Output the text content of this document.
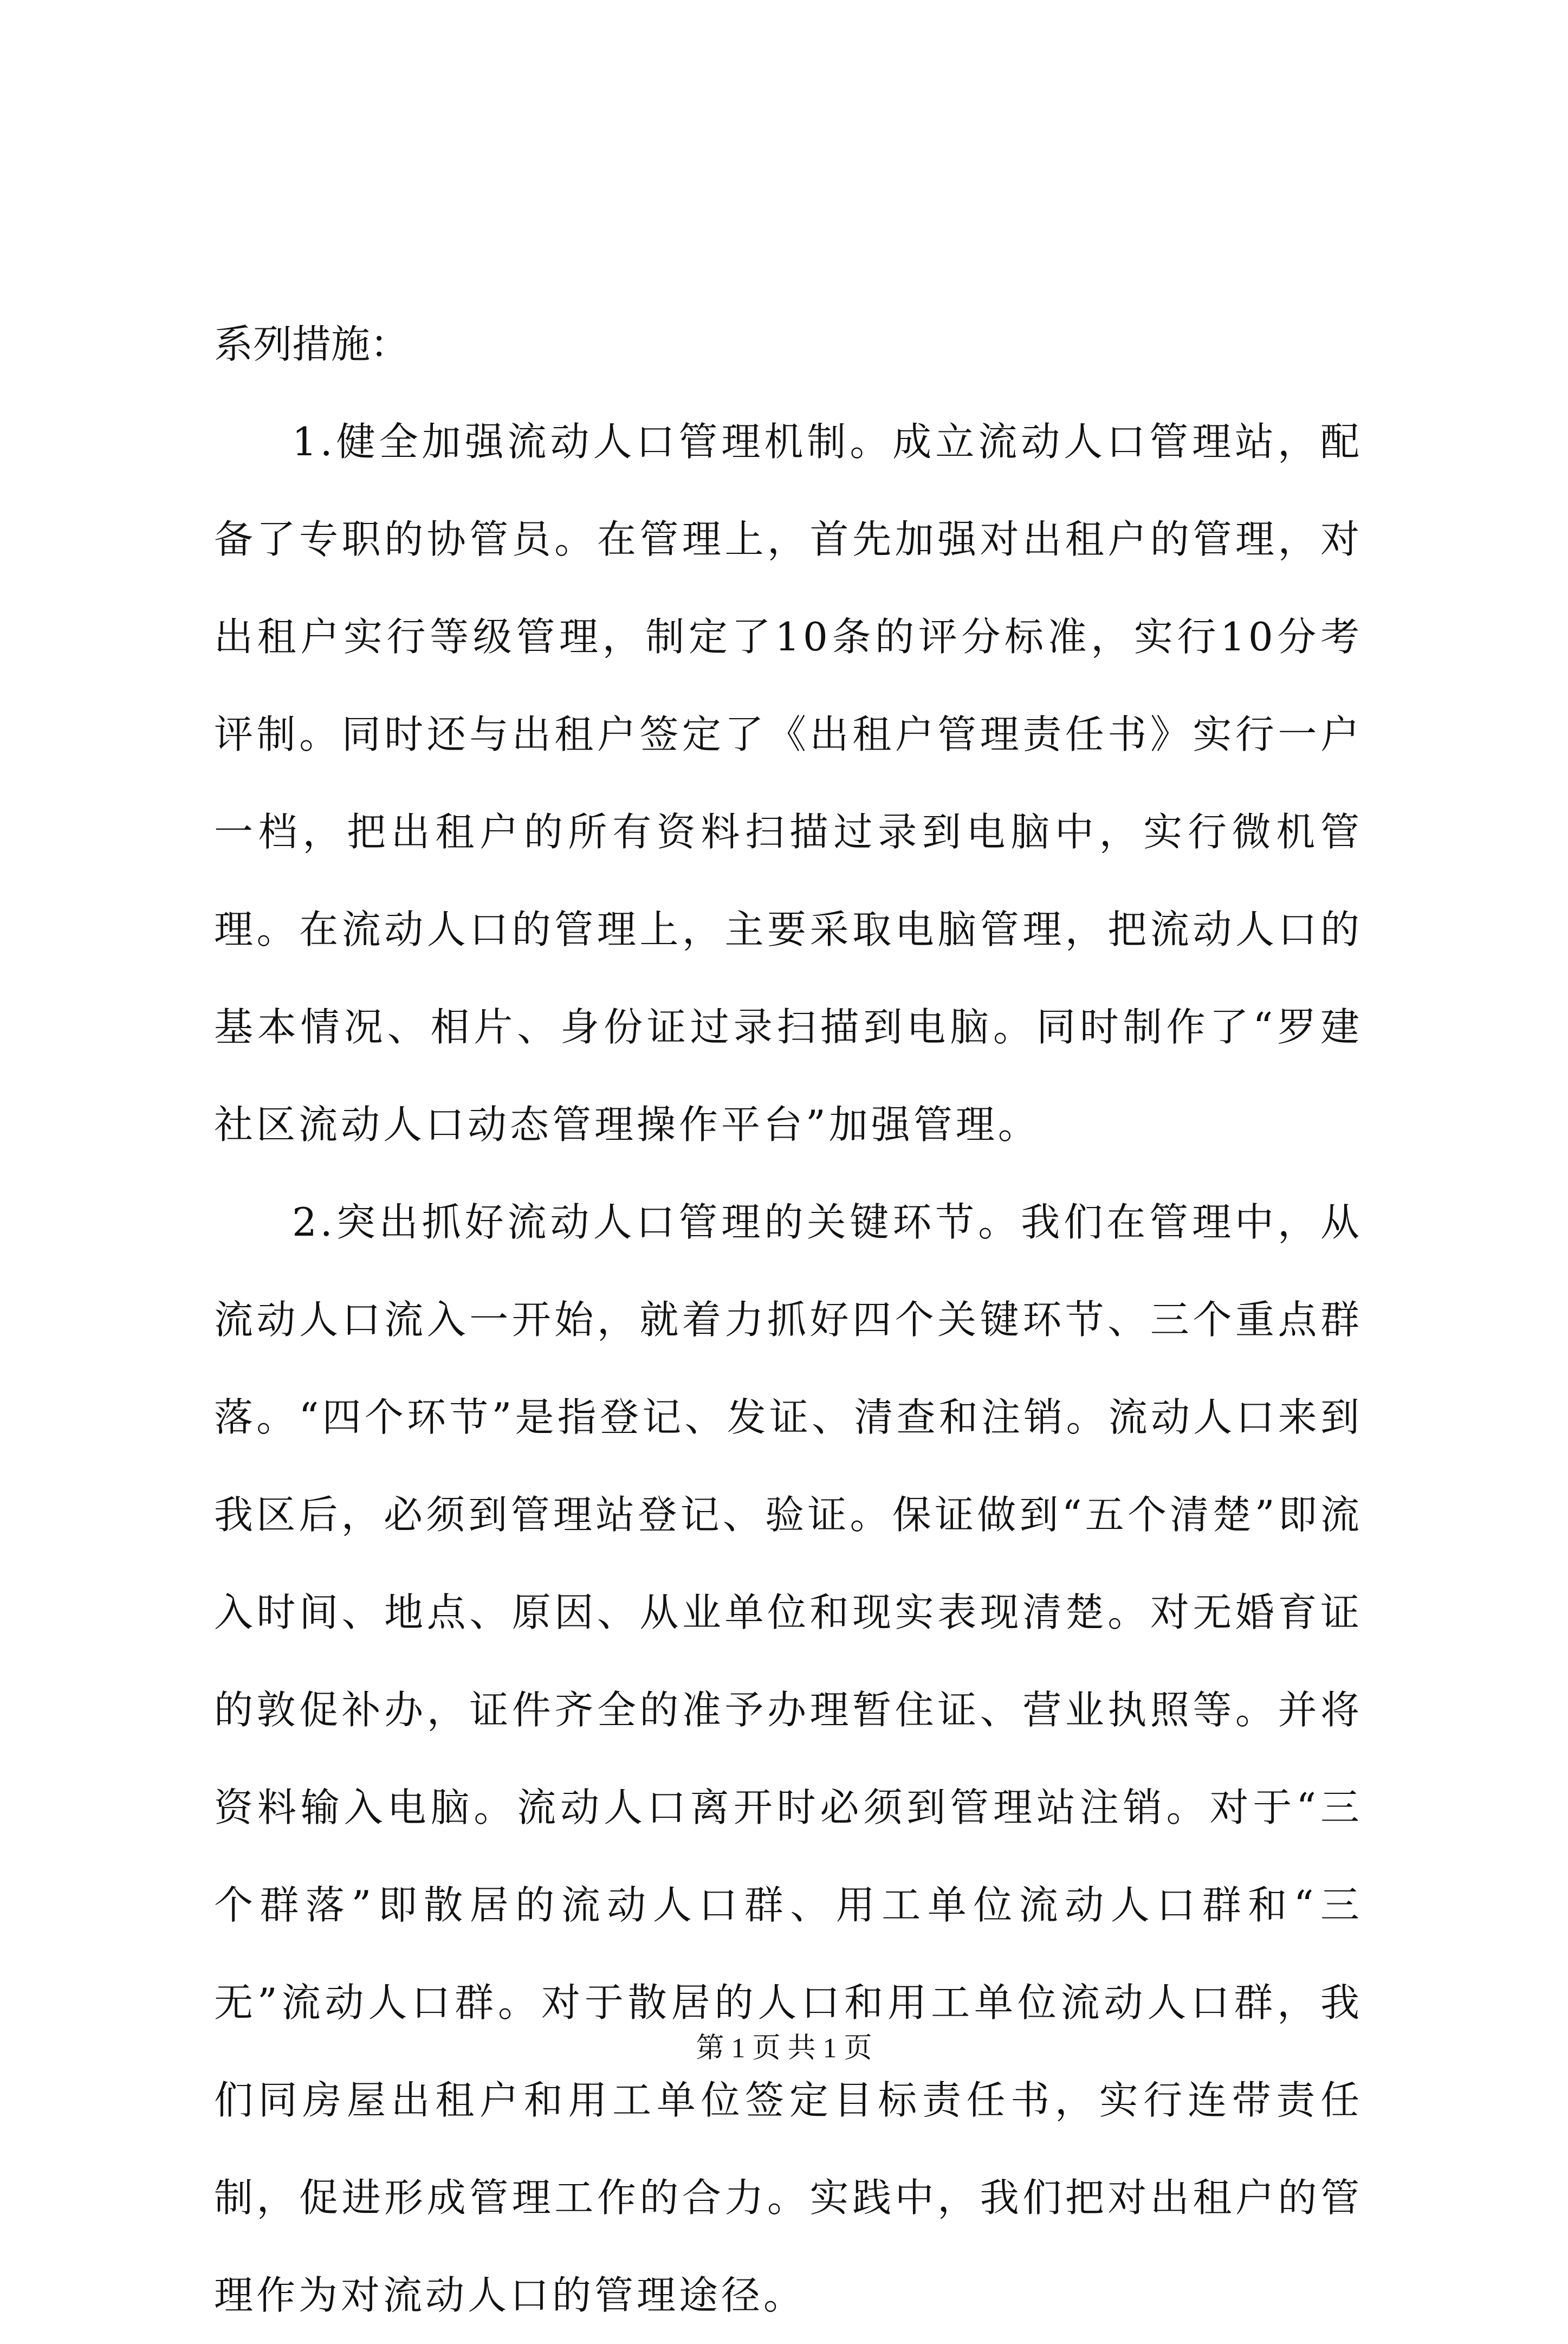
系列措施：

1.健全加强流动人口管理机制。成立流动人口管理站，配备了专职的协管员。在管理上，首先加强对出租户的管理，对出租户实行等级管理，制定了10条的评分标准，实行10分考评制。同时还与出租户签定了《出租户管理责任书》实行一户一档，把出租户的所有资料扫描过录到电脑中，实行微机管理。在流动人口的管理上，主要采取电脑管理，把流动人口的基本情况、相片、身份证过录扫描到电脑。同时制作了“罗建社区流动人口动态管理操作平台”加强管理。

2.突出抓好流动人口管理的关键环节。我们在管理中，从流动人口流入一开始，就着力抓好四个关键环节、三个重点群落。“四个环节”是指登记、发证、清查和注销。流动人口来到我区后，必须到管理站登记、验证。保证做到“五个清楚”即流入时间、地点、原因、从业单位和现实表现清楚。对无婚育证的敦促补办，证件齐全的准予办理暂住证、营业执照等。并将资料输入电脑。流动人口离开时必须到管理站注销。对于“三个群落”即散居的流动人口群、用工单位流动人口群和“三无”流动人口群。对于散居的人口和用工单位流动人口群，我们同房屋出租户和用工单位签定目标责任书，实行连带责任制，促进形成管理工作的合力。实践中，我们把对出租户的管理作为对流动人口的管理途径。

第 1 页 共 1 页
